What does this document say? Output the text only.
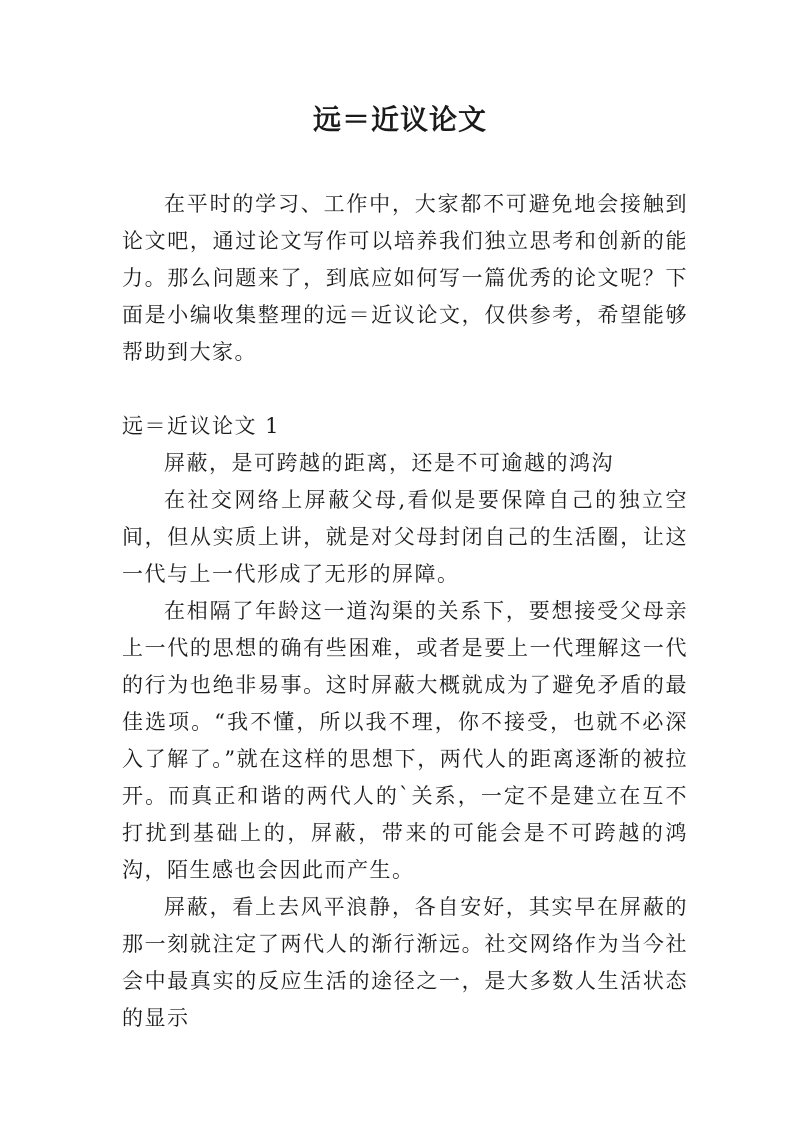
远＝近议论文

在平时的学习、工作中，大家都不可避免地会接触到论文吧，通过论文写作可以培养我们独立思考和创新的能力。那么问题来了，到底应如何写一篇优秀的论文呢？下面是小编收集整理的远＝近议论文，仅供参考，希望能够帮助到大家。

远＝近议论文 1

屏蔽，是可跨越的距离，还是不可逾越的鸿沟

在社交网络上屏蔽父母,看似是要保障自己的独立空间，但从实质上讲，就是对父母封闭自己的生活圈，让这一代与上一代形成了无形的屏障。

在相隔了年龄这一道沟渠的关系下，要想接受父母亲上一代的思想的确有些困难，或者是要上一代理解这一代的行为也绝非易事。这时屏蔽大概就成为了避免矛盾的最佳选项。“我不懂，所以我不理，你不接受，也就不必深入了解了。”就在这样的思想下，两代人的距离逐渐的被拉开。而真正和谐的两代人的`关系，一定不是建立在互不打扰到基础上的，屏蔽，带来的可能会是不可跨越的鸿沟，陌生感也会因此而产生。

屏蔽，看上去风平浪静，各自安好，其实早在屏蔽的那一刻就注定了两代人的渐行渐远。社交网络作为当今社会中最真实的反应生活的途径之一，是大多数人生活状态的显示
